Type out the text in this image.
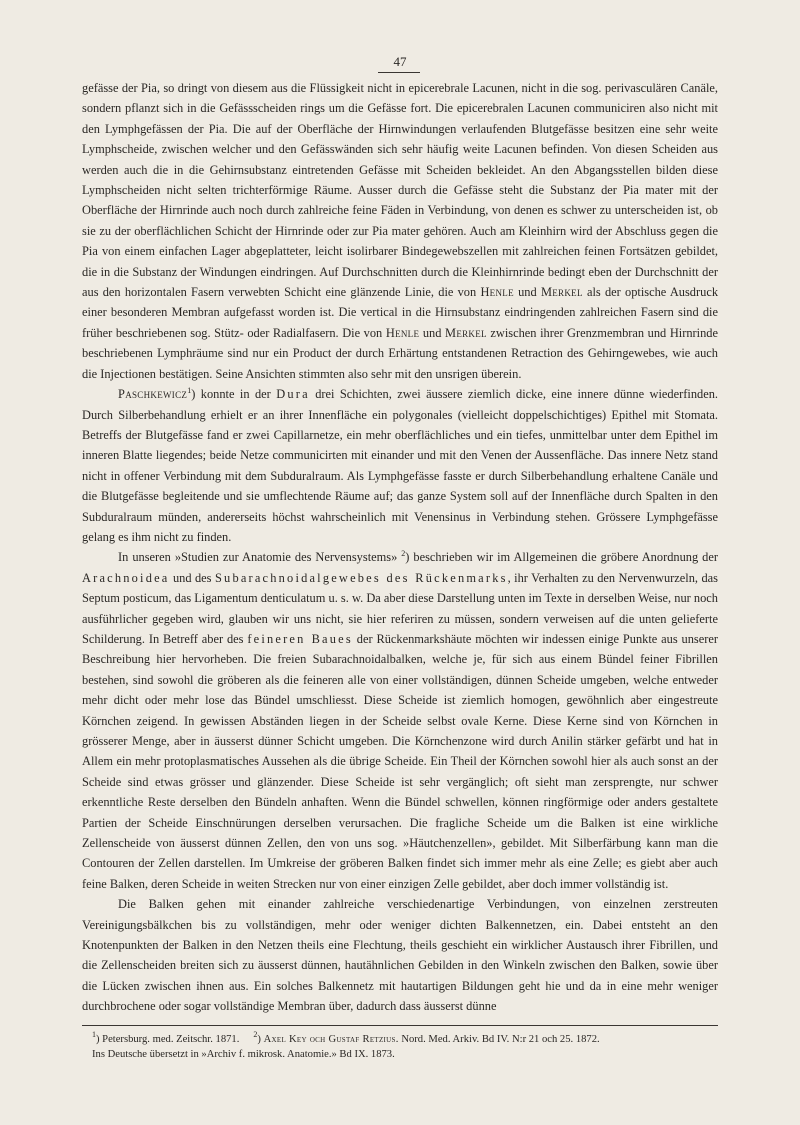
47

gefässe der Pia, so dringt von diesem aus die Flüssigkeit nicht in epicerebrale Lacunen, nicht in die sog. perivasculären Canäle, sondern pflanzt sich in die Gefässscheiden rings um die Gefässe fort. Die epicerebralen Lacunen communiciren also nicht mit den Lymphgefässen der Pia. Die auf der Oberfläche der Hirnwindungen verlaufenden Blutgefässe besitzen eine sehr weite Lymphscheide, zwischen welcher und den Gefässwänden sich sehr häufig weite Lacunen befinden. Von diesen Scheiden aus werden auch die in die Gehirnsubstanz eintretenden Gefässe mit Scheiden bekleidet. An den Abgangsstellen bilden diese Lymphscheiden nicht selten trichterförmige Räume. Ausser durch die Gefässe steht die Substanz der Pia mater mit der Oberfläche der Hirnrinde auch noch durch zahlreiche feine Fäden in Verbindung, von denen es schwer zu unterscheiden ist, ob sie zu der oberflächlichen Schicht der Hirnrinde oder zur Pia mater gehören. Auch am Kleinhirn wird der Abschluss gegen die Pia von einem einfachen Lager abgeplatteter, leicht isolirbarer Bindegewebszellen mit zahlreichen feinen Fortsätzen gebildet, die in die Substanz der Windungen eindringen. Auf Durchschnitten durch die Kleinhirnrinde bedingt eben der Durchschnitt der aus den horizontalen Fasern verwebten Schicht eine glänzende Linie, die von Henle und Merkel als der optische Ausdruck einer besonderen Membran aufgefasst worden ist. Die vertical in die Hirnsubstanz eindringenden zahlreichen Fasern sind die früher beschriebenen sog. Stütz- oder Radialfasern. Die von Henle und Merkel zwischen ihrer Grenzmembran und Hirnrinde beschriebenen Lymphräume sind nur ein Product der durch Erhärtung entstandenen Retraction des Gehirngewebes, wie auch die Injectionen bestätigen. Seine Ansichten stimmten also sehr mit den unsrigen überein.

Paschkewicz$^1$) konnte in der Dura drei Schichten, zwei äussere ziemlich dicke, eine innere dünne wiederfinden. Durch Silberbehandlung erhielt er an ihrer Innenfläche ein polygonales (vielleicht doppelschichtiges) Epithel mit Stomata. Betreffs der Blutgefässe fand er zwei Capillarnetze, ein mehr oberflächliches und ein tiefes, unmittelbar unter dem Epithel im inneren Blatte liegendes; beide Netze communicirten mit einander und mit den Venen der Aussenfläche. Das innere Netz stand nicht in offener Verbindung mit dem Subduralraum. Als Lymphgefässe fasste er durch Silberbehandlung erhaltene Canäle und die Blutgefässe begleitende und sie umflechtende Räume auf; das ganze System soll auf der Innenfläche durch Spalten in den Subduralraum münden, andererseits höchst wahrscheinlich mit Venensinus in Verbindung stehen. Grössere Lymphgefässe gelang es ihm nicht zu finden.

In unseren »Studien zur Anatomie des Nervensystems» $^2$) beschrieben wir im Allgemeinen die gröbere Anordnung der Arachnoidea und des Subarachnoidalgewebes des Rückenmarks, ihr Verhalten zu den Nervenwurzeln, das Septum posticum, das Ligamentum denticulatum u. s. w. Da aber diese Darstellung unten im Texte in derselben Weise, nur noch ausführlicher gegeben wird, glauben wir uns nicht, sie hier referiren zu müssen, sondern verweisen auf die unten gelieferte Schilderung. In Betreff aber des feineren Baues der Rückenmarkshäute möchten wir indessen einige Punkte aus unserer Beschreibung hier hervorheben. Die freien Subarachnoidalbalken, welche je, für sich aus einem Bündel feiner Fibrillen bestehen, sind sowohl die gröberen als die feineren alle von einer vollständigen, dünnen Scheide umgeben, welche entweder mehr dicht oder mehr lose das Bündel umschliesst. Diese Scheide ist ziemlich homogen, gewöhnlich aber eingestreute Körnchen zeigend. In gewissen Abständen liegen in der Scheide selbst ovale Kerne. Diese Kerne sind von Körnchen in grösserer Menge, aber in äusserst dünner Schicht umgeben. Die Körnchenzone wird durch Anilin stärker gefärbt und hat in Allem ein mehr protoplasmatisches Aussehen als die übrige Scheide. Ein Theil der Körnchen sowohl hier als auch sonst an der Scheide sind etwas grösser und glänzender. Diese Scheide ist sehr vergänglich; oft sieht man zersprengte, nur schwer erkenntliche Reste derselben den Bündeln anhaften. Wenn die Bündel schwellen, können ringförmige oder anders gestaltete Partien der Scheide Einschnürungen derselben verursachen. Die fragliche Scheide um die Balken ist eine wirkliche Zellenscheide von äusserst dünnen Zellen, den von uns sog. »Häutchenzellen», gebildet. Mit Silberfärbung kann man die Contouren der Zellen darstellen. Im Umkreise der gröberen Balken findet sich immer mehr als eine Zelle; es giebt aber auch feine Balken, deren Scheide in weiten Strecken nur von einer einzigen Zelle gebildet, aber doch immer vollständig ist.

Die Balken gehen mit einander zahlreiche verschiedenartige Verbindungen, von einzelnen zerstreuten Vereinigungsbälkchen bis zu vollständigen, mehr oder weniger dichten Balkennetzen, ein. Dabei entsteht an den Knotenpunkten der Balken in den Netzen theils eine Flechtung, theils geschieht ein wirklicher Austausch ihrer Fibrillen, und die Zellenscheiden breiten sich zu äusserst dünnen, hautähnlichen Gebilden in den Winkeln zwischen den Balken, sowie über die Lücken zwischen ihnen aus. Ein solches Balkennetz mit hautartigen Bildungen geht hie und da in eine mehr weniger durchbrochene oder sogar vollständige Membran über, dadurch dass äusserst dünne

$^1$) Petersburg. med. Zeitschr. 1871. $^2$) Axel Key och Gustaf Retzius. Nord. Med. Arkiv. Bd IV. N:r 21 och 25. 1872.

Ins Deutsche übersetzt in »Archiv f. mikrosk. Anatomie.» Bd IX. 1873.
